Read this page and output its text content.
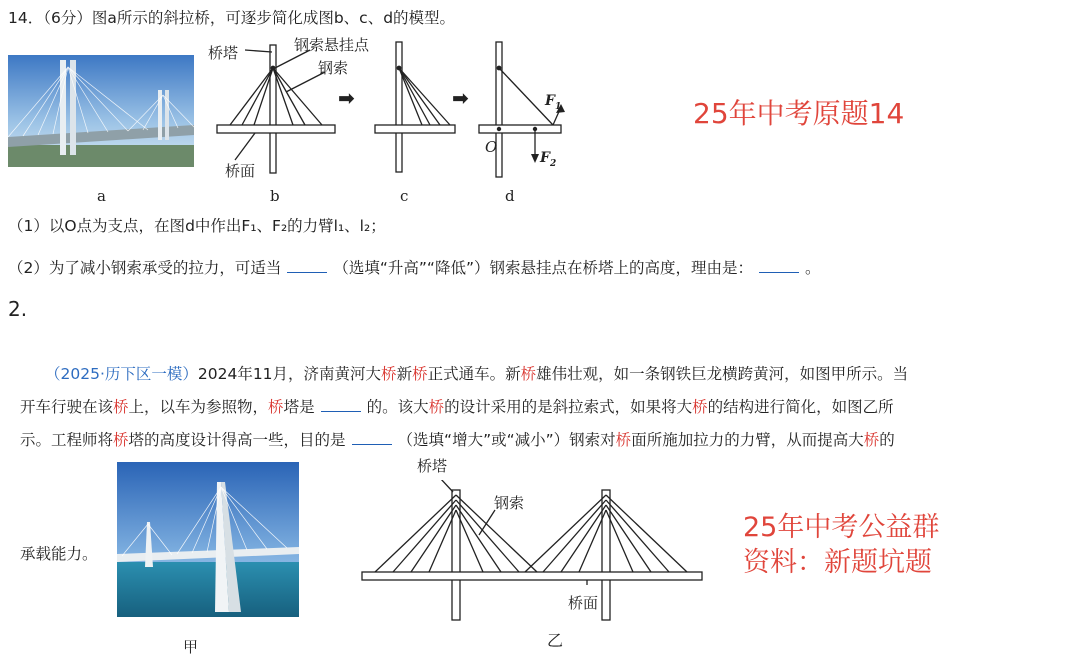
14．（6分）图a所示的斜拉桥，可逐步简化成图b、c、d的模型。
a
桥塔	钢索悬挂点
钢索
桥面
b
➡	➡
c
O
$F_1$
$F_2$
d
25年中考原题14
（1）以O点为支点，在图d中作出F₁、F₂的力臂l₁、l₂；
（2）为了减小钢索承受的拉力，可适当	（选填“升高”“降低”）钢索悬挂点在桥塔上的高度，理由是：	。
2.
（2025·历下区一模）2024年11月，济南黄河大桥新桥正式通车。新桥雄伟壮观，如一条钢铁巨龙横跨黄河，如图甲所示。当
开车行驶在该桥上，以车为参照物，桥塔是	的。该大桥的设计采用的是斜拉索式，如果将大桥的结构进行简化，如图乙所
示。工程师将桥塔的高度设计得高一些，目的是	（选填“增大”或“减小”）钢索对桥面所施加拉力的力臂，从而提高大桥的
承载能力。
甲
桥塔
钢索
桥面
乙
25年中考公益群
资料：新题坑题
